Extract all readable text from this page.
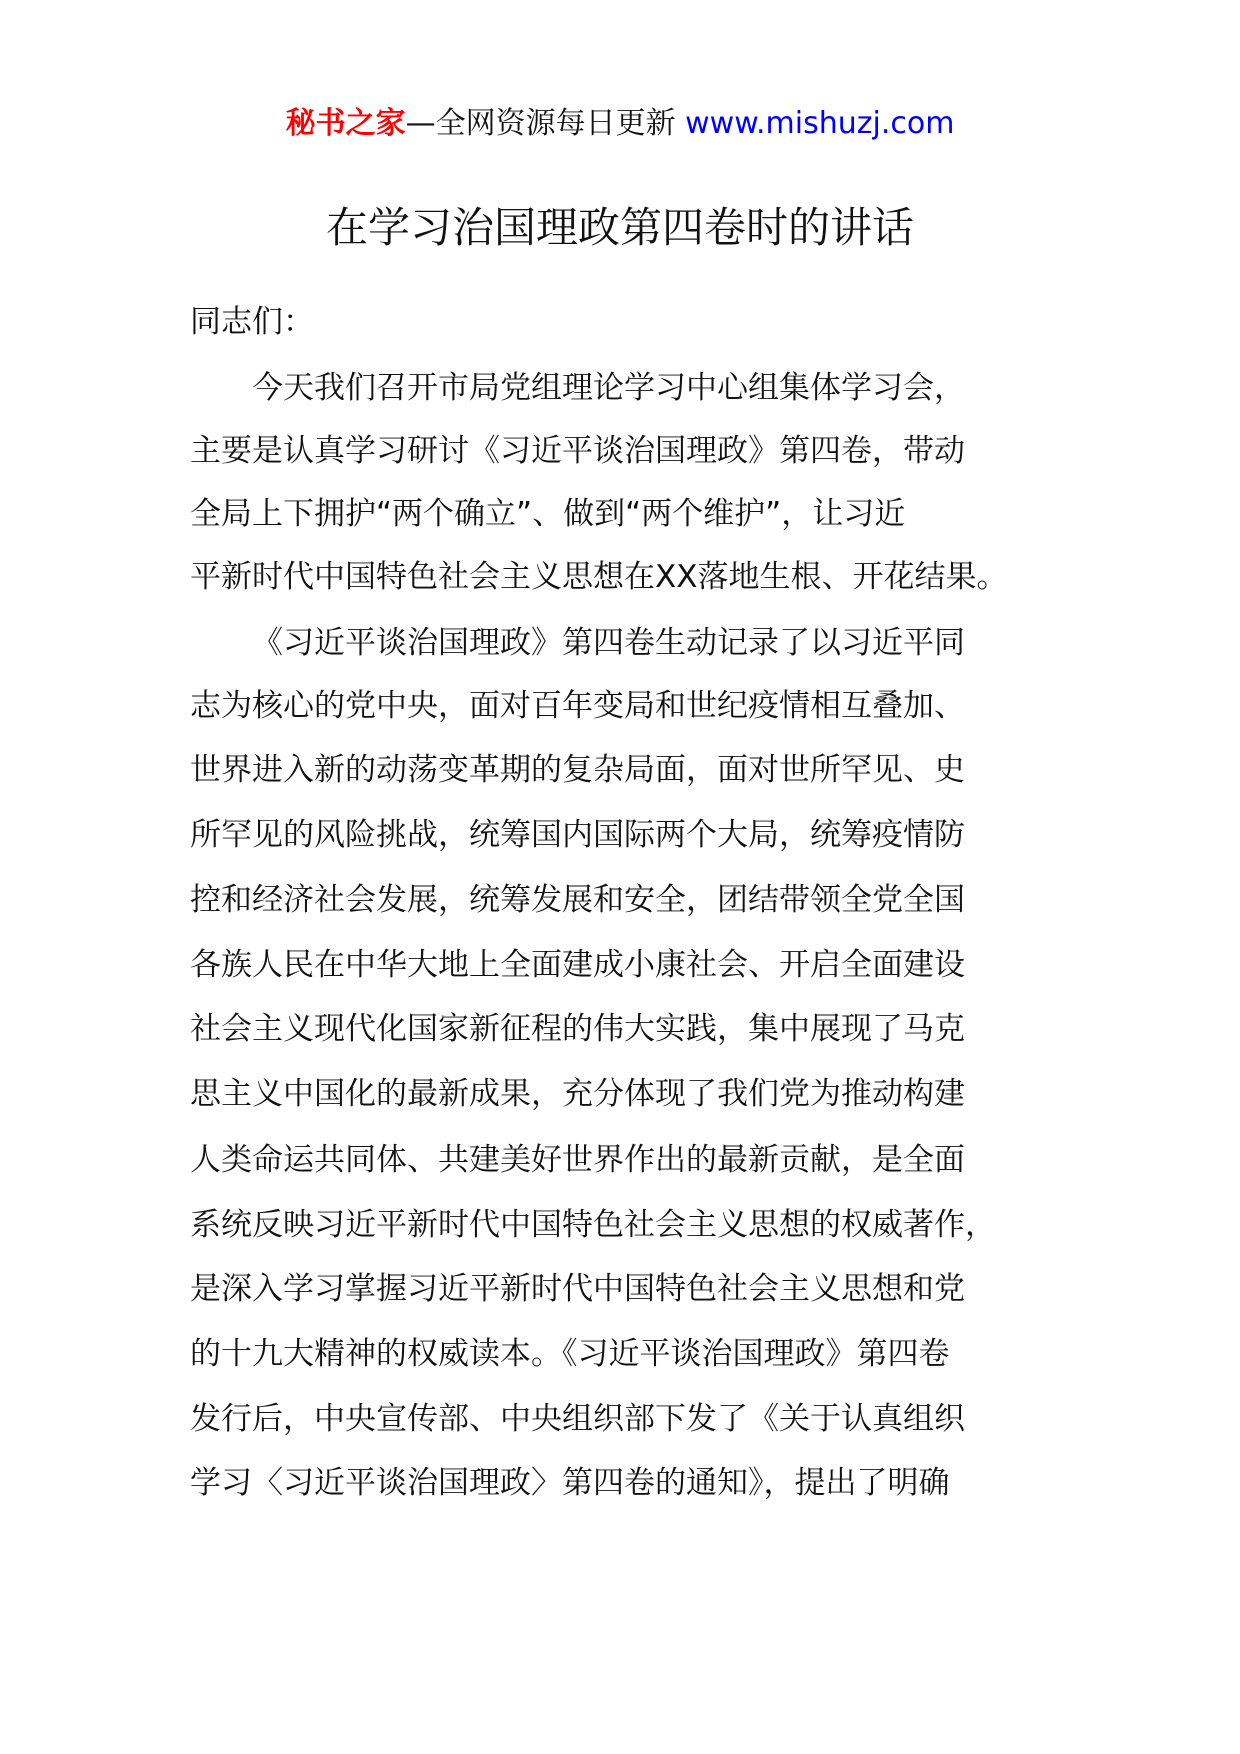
秘书之家—全网资源每日更新 www.mishuzj.com
在学习治国理政第四卷时的讲话
同志们：
今天我们召开市局党组理论学习中心组集体学习会，
主要是认真学习研讨《习近平谈治国理政》第四卷，带动
全局上下拥护“两个确立”、做到“两个维护”，让习近
平新时代中国特色社会主义思想在XX落地生根、开花结果。
《习近平谈治国理政》第四卷生动记录了以习近平同
志为核心的党中央，面对百年变局和世纪疫情相互叠加、
世界进入新的动荡变革期的复杂局面，面对世所罕见、史
所罕见的风险挑战，统筹国内国际两个大局，统筹疫情防
控和经济社会发展，统筹发展和安全，团结带领全党全国
各族人民在中华大地上全面建成小康社会、开启全面建设
社会主义现代化国家新征程的伟大实践，集中展现了马克
思主义中国化的最新成果，充分体现了我们党为推动构建
人类命运共同体、共建美好世界作出的最新贡献，是全面
系统反映习近平新时代中国特色社会主义思想的权威著作，
是深入学习掌握习近平新时代中国特色社会主义思想和党
的十九大精神的权威读本。《习近平谈治国理政》第四卷
发行后，中央宣传部、中央组织部下发了《关于认真组织
学习〈习近平谈治国理政〉第四卷的通知》，提出了明确
